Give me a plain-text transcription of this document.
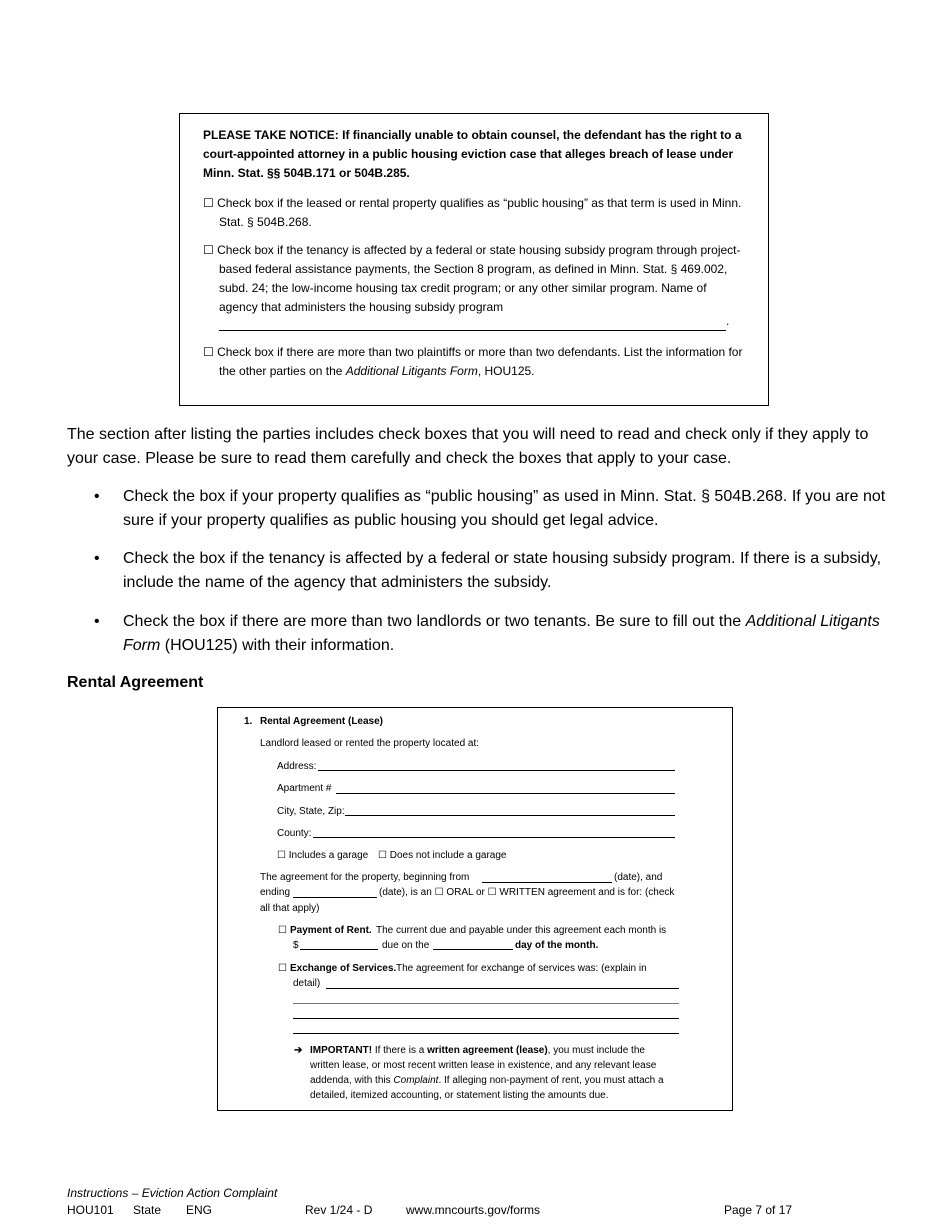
PLEASE TAKE NOTICE: If financially unable to obtain counsel, the defendant has the right to a court-appointed attorney in a public housing eviction case that alleges breach of lease under Minn. Stat. §§ 504B.171 or 504B.285.
☐ Check box if the leased or rental property qualifies as “public housing” as that term is used in Minn. Stat. § 504B.268.
☐ Check box if the tenancy is affected by a federal or state housing subsidy program through project-based federal assistance payments, the Section 8 program, as defined in Minn. Stat. § 469.002, subd. 24; the low-income housing tax credit program; or any other similar program. Name of agency that administers the housing subsidy program
.
☐ Check box if there are more than two plaintiffs or more than two defendants. List the information for the other parties on the Additional Litigants Form, HOU125.
The section after listing the parties includes check boxes that you will need to read and check only if they apply to your case. Please be sure to read them carefully and check the boxes that apply to your case.
• Check the box if your property qualifies as “public housing” as used in Minn. Stat. § 504B.268. If you are not sure if your property qualifies as public housing you should get legal advice.
• Check the box if the tenancy is affected by a federal or state housing subsidy program. If there is a subsidy, include the name of the agency that administers the subsidy.
• Check the box if there are more than two landlords or two tenants. Be sure to fill out the Additional Litigants Form (HOU125) with their information.
Rental Agreement
1. Rental Agreement (Lease)
Landlord leased or rented the property located at:
Address:
Apartment #
City, State, Zip:
County:
☐ Includes a garage ☐ Does not include a garage
The agreement for the property, beginning from	(date), and
ending	(date), is an ☐ ORAL or ☐ WRITTEN agreement and is for: (check
all that apply)
☐ Payment of Rent. The current due and payable under this agreement each month is
$	due on the	day of the month.
☐ Exchange of Services. The agreement for exchange of services was: (explain in
detail)
➔ IMPORTANT! If there is a written agreement (lease), you must include the
written lease, or most recent written lease in existence, and any relevant lease
addenda, with this Complaint. If alleging non-payment of rent, you must attach a
detailed, itemized accounting, or statement listing the amounts due.
Instructions – Eviction Action Complaint
HOU101 State ENG	Rev 1/24 - D	www.mncourts.gov/forms	Page 7 of 17
